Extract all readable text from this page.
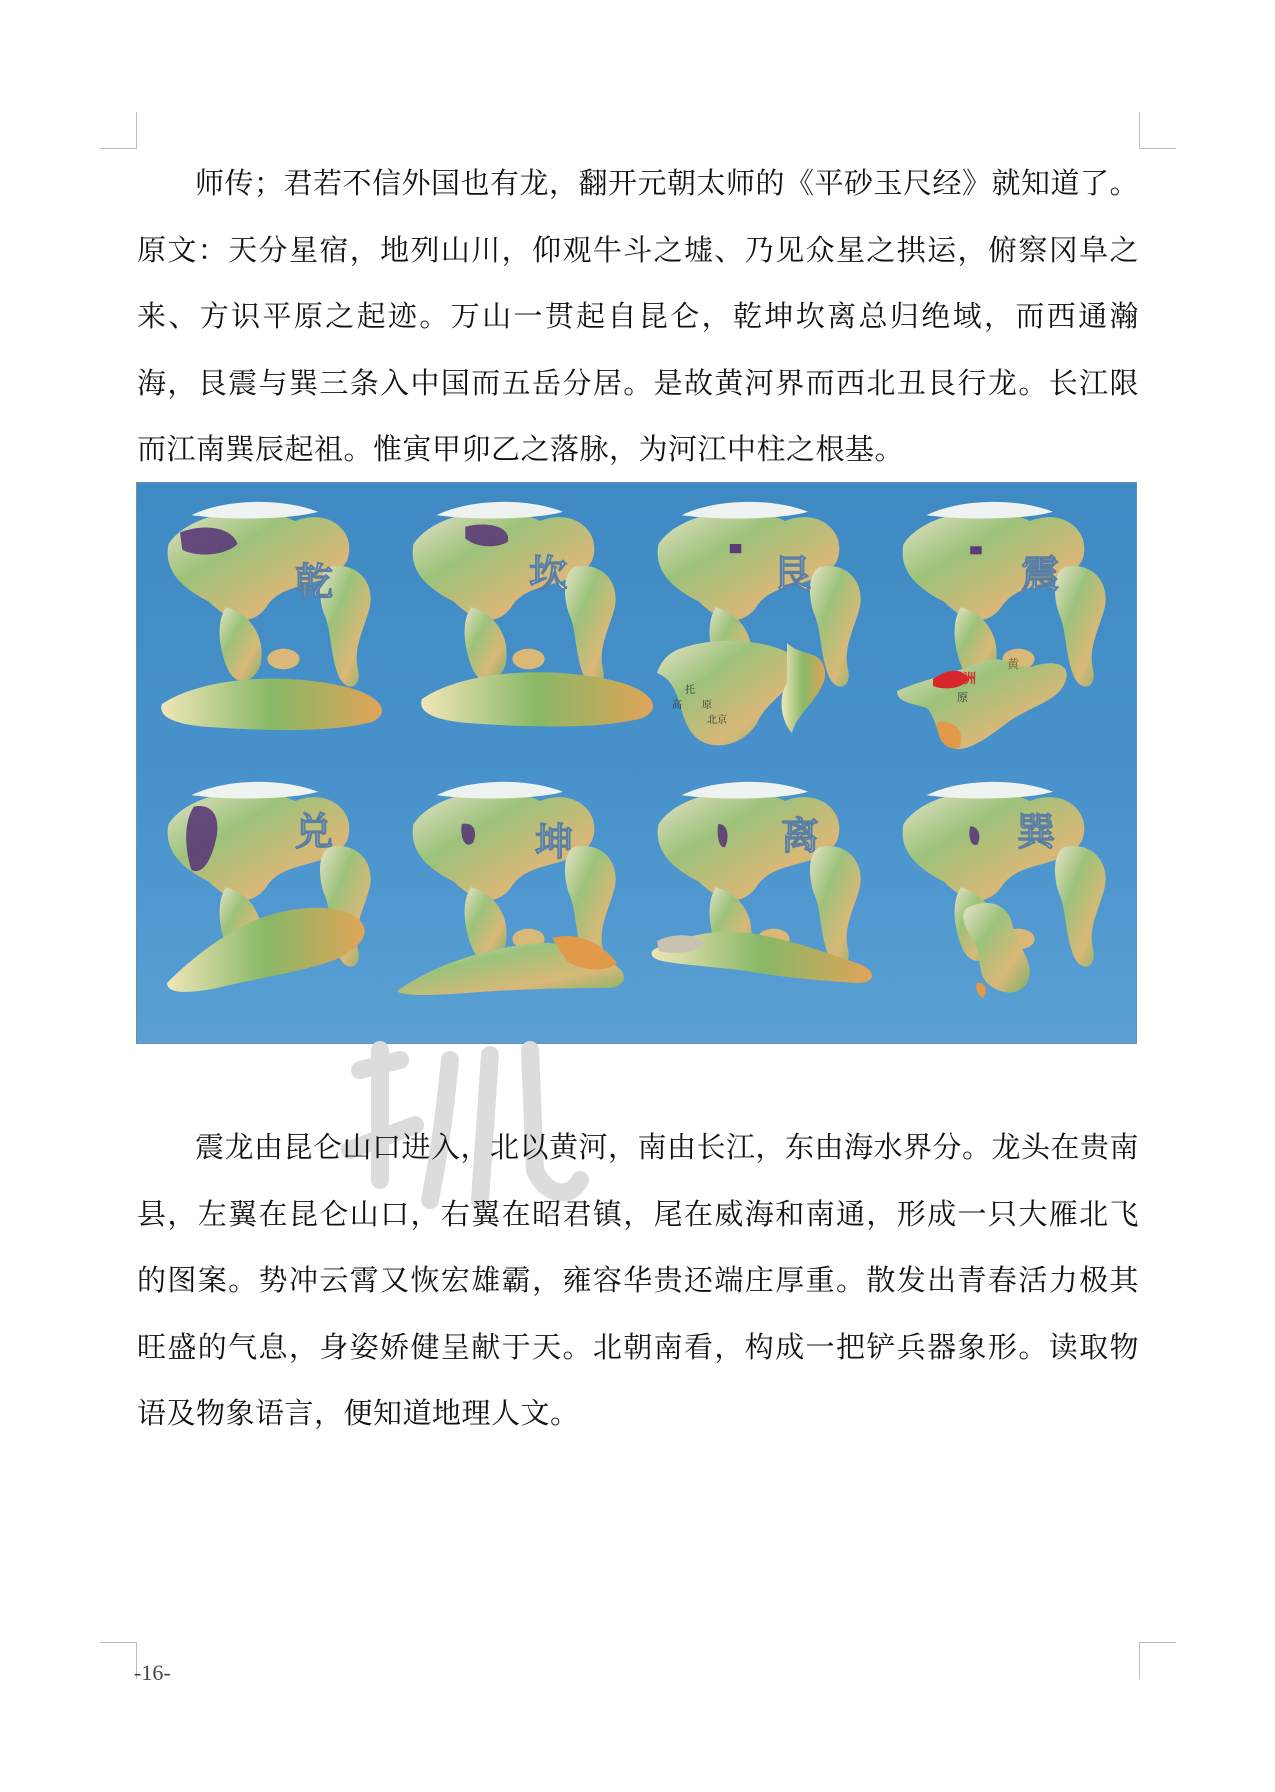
师传；君若不信外国也有龙，翻开元朝太师的《平砂玉尺经》就知道了。原文：天分星宿，地列山川，仰观牛斗之墟、乃见众星之拱运，俯察冈阜之来、方识平原之起迹。万山一贯起自昆仑，乾坤坎离总归绝域，而西通瀚海，艮震与巽三条入中国而五岳分居。是故黄河界而西北丑艮行龙。长江限而江南巽辰起祖。惟寅甲卯乙之落脉，为河江中柱之根基。

乾	坎	艮	震
托
高 原
北京
黄
洲
原
兑	坤	离	巽

震龙由昆仑山口进入，北以黄河，南由长江，东由海水界分。龙头在贵南县，左翼在昆仑山口，右翼在昭君镇，尾在威海和南通，形成一只大雁北飞的图案。势冲云霄又恢宏雄霸，雍容华贵还端庄厚重。散发出青春活力极其旺盛的气息，身姿娇健呈献于天。北朝南看，构成一把铲兵器象形。读取物语及物象语言，便知道地理人文。

-16-
